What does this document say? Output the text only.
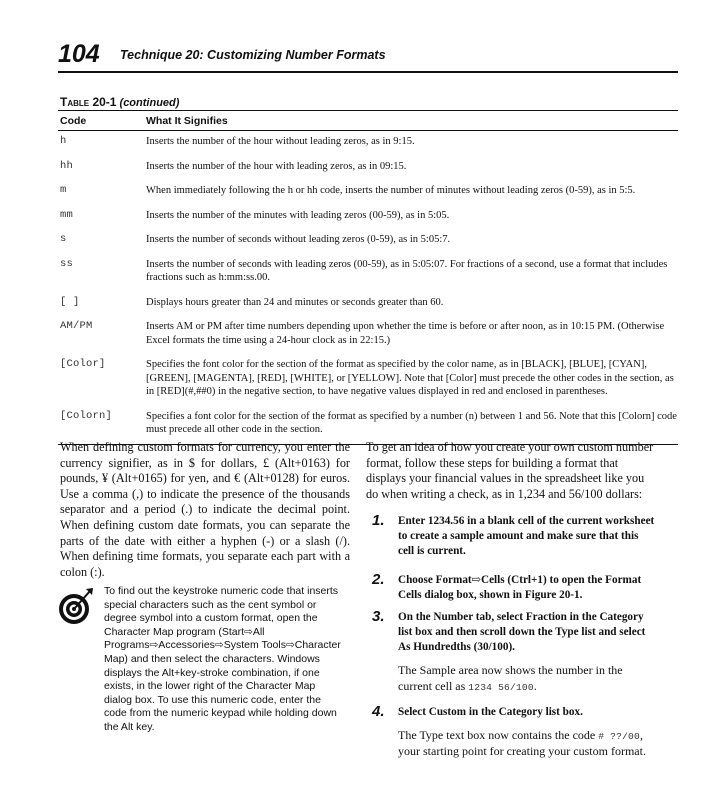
104 Technique 20: Customizing Number Formats
Table 20-1 (continued)
Code	What It Signifies
h	Inserts the number of the hour without leading zeros, as in 9:15.
hh	Inserts the number of the hour with leading zeros, as in 09:15.
m	When immediately following the h or hh code, inserts the number of minutes without leading zeros (0-59), as in 5:5.
mm	Inserts the number of the minutes with leading zeros (00-59), as in 5:05.
s	Inserts the number of seconds without leading zeros (0-59), as in 5:05:7.
ss	Inserts the number of seconds with leading zeros (00-59), as in 5:05:07. For fractions of a second, use a format that includes fractions such as h:mm:ss.00.
[ ]	Displays hours greater than 24 and minutes or seconds greater than 60.
AM/PM	Inserts AM or PM after time numbers depending upon whether the time is before or after noon, as in 10:15 PM. (Otherwise Excel formats the time using a 24-hour clock as in 22:15.)
[Color]	Specifies the font color for the section of the format as specified by the color name, as in [BLACK], [BLUE], [CYAN], [GREEN], [MAGENTA], [RED], [WHITE], or [YELLOW]. Note that [Color] must precede the other codes in the section, as in [RED](#,##0) in the negative section, to have negative values displayed in red and enclosed in parentheses.
[Colorn]	Specifies a font color for the section of the format as specified by a number (n) between 1 and 56. Note that this [Colorn] code must precede all other code in the section.
When defining custom formats for currency, you enter the currency signifier, as in $ for dollars, £ (Alt+0163) for pounds, ¥ (Alt+0165) for yen, and € (Alt+0128) for euros. Use a comma (,) to indicate the presence of the thousands separator and a period (.) to indicate the decimal point. When defining custom date formats, you can separate the parts of the date with either a hyphen (-) or a slash (/). When defining time formats, you separate each part with a colon (:).
To find out the keystroke numeric code that inserts special characters such as the cent symbol or degree symbol into a custom format, open the Character Map program (Start⇨All Programs⇨Accessories⇨System Tools⇨Character Map) and then select the characters. Windows displays the Alt+key-stroke combination, if one exists, in the lower right of the Character Map dialog box. To use this numeric code, enter the code from the numeric keypad while holding down the Alt key.
To get an idea of how you create your own custom number format, follow these steps for building a format that displays your financial values in the spreadsheet like you do when writing a check, as in 1,234 and 56/100 dollars:
1. Enter 1234.56 in a blank cell of the current worksheet to create a sample amount and make sure that this cell is current.
2. Choose Format⇨Cells (Ctrl+1) to open the Format Cells dialog box, shown in Figure 20-1.
3. On the Number tab, select Fraction in the Category list box and then scroll down the Type list and select As Hundredths (30/100).
The Sample area now shows the number in the current cell as 1234 56/100.
4. Select Custom in the Category list box.
The Type text box now contains the code # ??/00, your starting point for creating your custom format.
